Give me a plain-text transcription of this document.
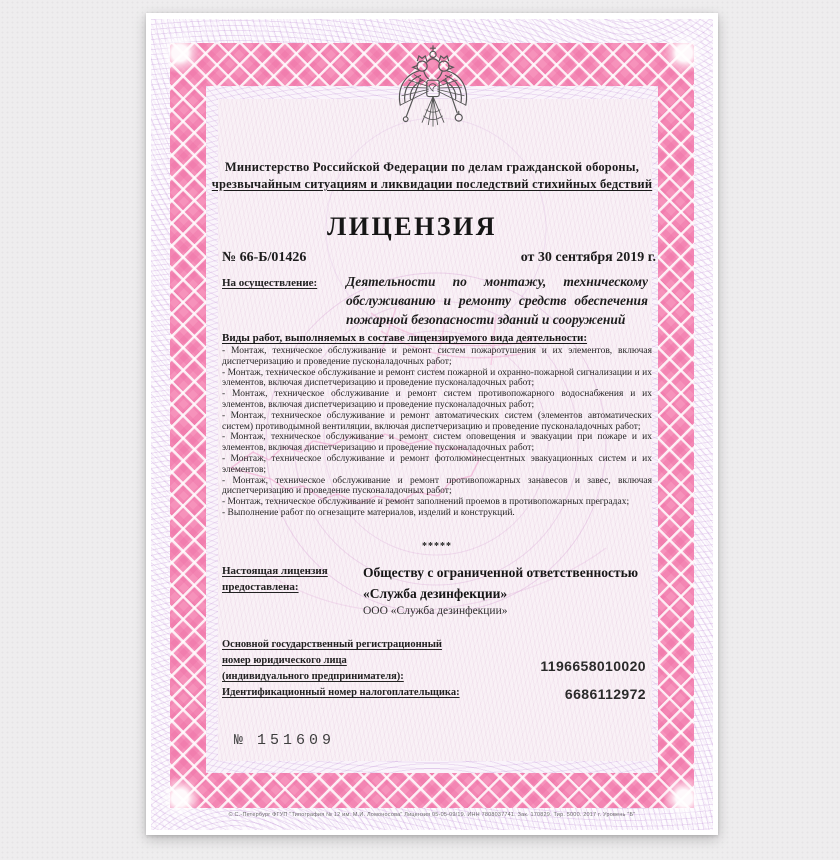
Министерство Российской Федерации по делам гражданской обороны,
чрезвычайным ситуациям и ликвидации последствий стихийных бедствий
ЛИЦЕНЗИЯ
№ 66-Б/01426	от 30 сентября 2019 г.
На осуществление: Деятельности по монтажу, техническому обслуживанию и ремонту средств обеспечения пожарной безопасности зданий и сооружений
Виды работ, выполняемых в составе лицензируемого вида деятельности:
- Монтаж, техническое обслуживание и ремонт систем пожаротушения и их элементов, включая диспетчеризацию и проведение пусконаладочных работ;
- Монтаж, техническое обслуживание и ремонт систем пожарной и охранно-пожарной сигнализации и их элементов, включая диспетчеризацию и проведение пусконаладочных работ;
- Монтаж, техническое обслуживание и ремонт систем противопожарного водоснабжения и их элементов, включая диспетчеризацию и проведение пусконаладочных работ;
- Монтаж, техническое обслуживание и ремонт автоматических систем (элементов автоматических систем) противодымной вентиляции, включая диспетчеризацию и проведение пусконаладочных работ;
- Монтаж, техническое обслуживание и ремонт систем оповещения и эвакуации при пожаре и их элементов, включая диспетчеризацию и проведение пусконаладочных работ;
- Монтаж, техническое обслуживание и ремонт фотолюминесцентных эвакуационных систем и их элементов;
- Монтаж, техническое обслуживание и ремонт противопожарных занавесов и завес, включая диспетчеризацию и проведение пусконаладочных работ;
- Монтаж, техническое обслуживание и ремонт заполнений проемов в противопожарных преградах;
- Выполнение работ по огнезащите материалов, изделий и конструкций.
*****
Настоящая лицензия
предоставлена:
Обществу с ограниченной ответственностью
«Служба дезинфекции»
ООО «Служба дезинфекции»
Основной государственный регистрационный
номер юридического лица
(индивидуального предпринимателя):
1196658010020
Идентификационный номер налогоплательщика:	6686112972
№ 151609
© С.-Петербург ФГУП "Типография № 12 им. М.И. Ломоносова" Лицензия 05-05-09/19. ИНН 7808037741. Зак. 170829. Тир. 5000. 2017 г. Уровень "Б"
